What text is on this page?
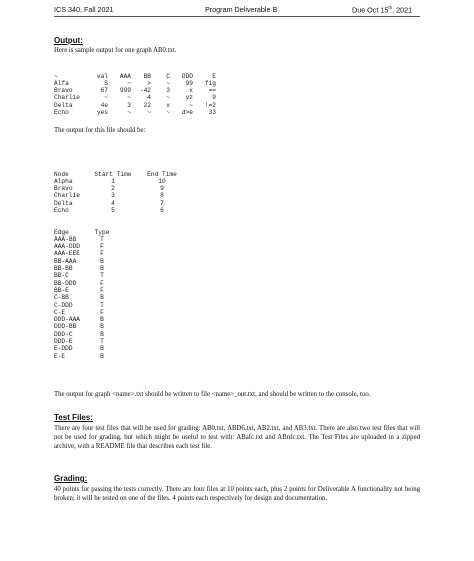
ICS 340, Fall 2021	Program Deliverable B	Due Oct 15th, 2021
Output:
Here is sample output for one graph AB0.txt.

~	val	AAA	BB	C	DDD	E
Alfa	S	~	>	~	99	fig
Bravo	67	999	-42	3	x	==
Charlie	~	~	4	~	yz	9
Delta	4e	3	22	x	~	!=2
Echo	yes	~	~	~	d>e	33

The output for this file should be:

Node	Start Time	End Time
Alpha	1	10
Bravo	2	9
Charlie	3	8
Delta	4	7
Echo	5	6

Edge	Type
AAA-BB	T
AAA-DDD	F
AAA-EEE	F
BB-AAA	B
BB-BB	B
BB-C	T
BB-DDD	F
BB-E	F
C-BB	B
C-DDD	T
C-E	F
DDD-AAA	B
DDD-BB	B
DDD-C	B
DDD-E	T
E-DDD	B
E-E	B

The output for graph <name>.txt should be written to file <name>_out.txt, and should be written to the console, too.
Test Files:
There are four test files that will be used for grading: AB0.txt, ABD6.txt, AB2.txt, and AB3.txt. There are also two test files that will not be used for grading, but which might be useful to test with: ABafc.txt and ABnfc.txt. The Test Files are uploaded in a zipped archive, with a README file that describes each test file.
Grading:
40 points for passing the tests correctly. There are four files at 10 points each, plus 2 points for Deliverable A functionality not being broken; it will be tested on one of the files. 4 points each respectively for design and documentation.
